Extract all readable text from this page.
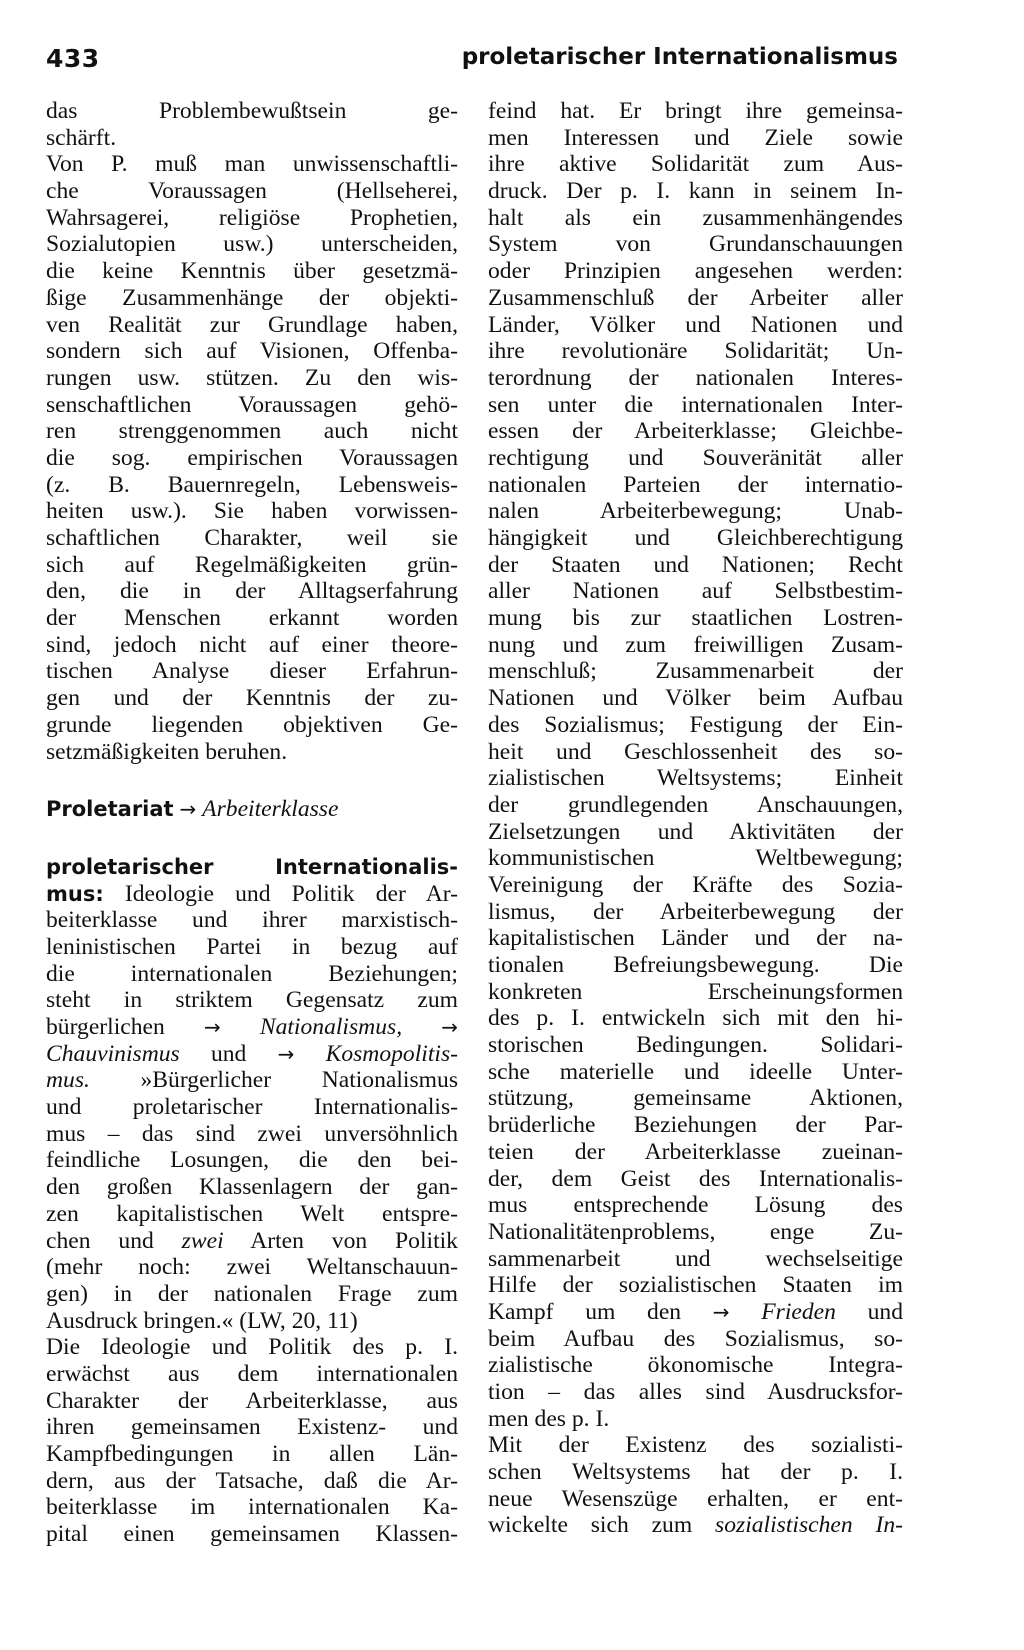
433	proletarischer Internationalismus
das Problembewußtsein ge-
schärft.
Von P. muß man unwissenschaftli-
che Voraussagen (Hellseherei,
Wahrsagerei, religiöse Prophetien,
Sozialutopien usw.) unterscheiden,
die keine Kenntnis über gesetzmä-
ßige Zusammenhänge der objekti-
ven Realität zur Grundlage haben,
sondern sich auf Visionen, Offenba-
rungen usw. stützen. Zu den wis-
senschaftlichen Voraussagen gehö-
ren strenggenommen auch nicht
die sog. empirischen Voraussagen
(z. B. Bauernregeln, Lebensweis-
heiten usw.). Sie haben vorwissen-
schaftlichen Charakter, weil sie
sich auf Regelmäßigkeiten grün-
den, die in der Alltagserfahrung
der Menschen erkannt worden
sind, jedoch nicht auf einer theore-
tischen Analyse dieser Erfahrun-
gen und der Kenntnis der zu-
grunde liegenden objektiven Ge-
setzmäßigkeiten beruhen.
Proletariat → Arbeiterklasse
proletarischer Internationalis-
mus: Ideologie und Politik der Ar-
beiterklasse und ihrer marxistisch-
leninistischen Partei in bezug auf
die internationalen Beziehungen;
steht in striktem Gegensatz zum
bürgerlichen → Nationalismus, →
Chauvinismus und → Kosmopolitis-
mus. »Bürgerlicher Nationalismus
und proletarischer Internationalis-
mus – das sind zwei unversöhnlich
feindliche Losungen, die den bei-
den großen Klassenlagern der gan-
zen kapitalistischen Welt entspre-
chen und zwei Arten von Politik
(mehr noch: zwei Weltanschauun-
gen) in der nationalen Frage zum
Ausdruck bringen.« (LW, 20, 11)
Die Ideologie und Politik des p. I.
erwächst aus dem internationalen
Charakter der Arbeiterklasse, aus
ihren gemeinsamen Existenz- und
Kampfbedingungen in allen Län-
dern, aus der Tatsache, daß die Ar-
beiterklasse im internationalen Ka-
pital einen gemeinsamen Klassen-
feind hat. Er bringt ihre gemeinsa-
men Interessen und Ziele sowie
ihre aktive Solidarität zum Aus-
druck. Der p. I. kann in seinem In-
halt als ein zusammenhängendes
System von Grundanschauungen
oder Prinzipien angesehen werden:
Zusammenschluß der Arbeiter aller
Länder, Völker und Nationen und
ihre revolutionäre Solidarität; Un-
terordnung der nationalen Interes-
sen unter die internationalen Inter-
essen der Arbeiterklasse; Gleichbe-
rechtigung und Souveränität aller
nationalen Parteien der internatio-
nalen Arbeiterbewegung; Unab-
hängigkeit und Gleichberechtigung
der Staaten und Nationen; Recht
aller Nationen auf Selbstbestim-
mung bis zur staatlichen Lostren-
nung und zum freiwilligen Zusam-
menschluß; Zusammenarbeit der
Nationen und Völker beim Aufbau
des Sozialismus; Festigung der Ein-
heit und Geschlossenheit des so-
zialistischen Weltsystems; Einheit
der grundlegenden Anschauungen,
Zielsetzungen und Aktivitäten der
kommunistischen Weltbewegung;
Vereinigung der Kräfte des Sozia-
lismus, der Arbeiterbewegung der
kapitalistischen Länder und der na-
tionalen Befreiungsbewegung. Die
konkreten Erscheinungsformen
des p. I. entwickeln sich mit den hi-
storischen Bedingungen. Solidari-
sche materielle und ideelle Unter-
stützung, gemeinsame Aktionen,
brüderliche Beziehungen der Par-
teien der Arbeiterklasse zueinan-
der, dem Geist des Internationalis-
mus entsprechende Lösung des
Nationalitätenproblems, enge Zu-
sammenarbeit und wechselseitige
Hilfe der sozialistischen Staaten im
Kampf um den → Frieden und
beim Aufbau des Sozialismus, so-
zialistische ökonomische Integra-
tion – das alles sind Ausdrucksfor-
men des p. I.
Mit der Existenz des sozialisti-
schen Weltsystems hat der p. I.
neue Wesenszüge erhalten, er ent-
wickelte sich zum sozialistischen In-
